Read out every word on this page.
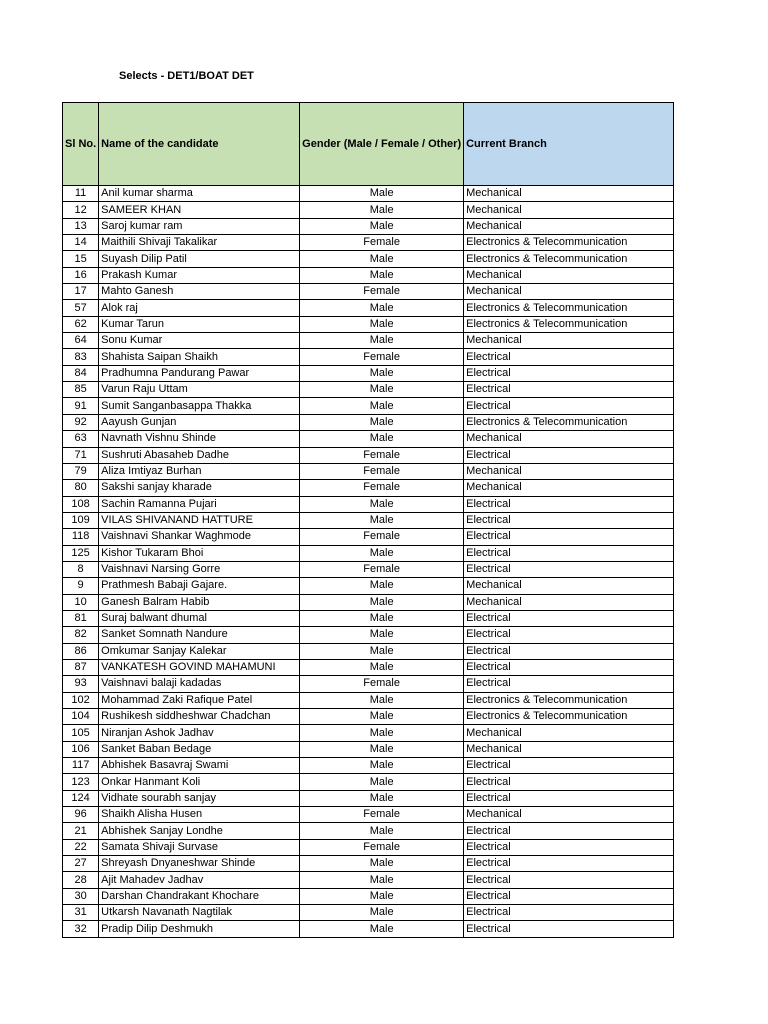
Selects - DET1/BOAT DET
Sl No.	Name of the candidate	Gender (Male / Female / Other)	Current Branch
11	Anil kumar sharma	Male	Mechanical
12	SAMEER KHAN	Male	Mechanical
13	Saroj kumar ram	Male	Mechanical
14	Maithili Shivaji Takalikar	Female	Electronics & Telecommunication
15	Suyash Dilip Patil	Male	Electronics & Telecommunication
16	Prakash Kumar	Male	Mechanical
17	Mahto Ganesh	Female	Mechanical
57	Alok raj	Male	Electronics & Telecommunication
62	Kumar Tarun	Male	Electronics & Telecommunication
64	Sonu Kumar	Male	Mechanical
83	Shahista Saipan Shaikh	Female	Electrical
84	Pradhumna Pandurang Pawar	Male	Electrical
85	Varun Raju Uttam	Male	Electrical
91	Sumit Sanganbasappa Thakka	Male	Electrical
92	Aayush Gunjan	Male	Electronics & Telecommunication
63	Navnath Vishnu Shinde	Male	Mechanical
71	Sushruti Abasaheb Dadhe	Female	Electrical
79	Aliza Imtiyaz Burhan	Female	Mechanical
80	Sakshi sanjay kharade	Female	Mechanical
108	Sachin Ramanna Pujari	Male	Electrical
109	VILAS SHIVANAND HATTURE	Male	Electrical
118	Vaishnavi Shankar Waghmode	Female	Electrical
125	Kishor Tukaram Bhoi	Male	Electrical
8	Vaishnavi Narsing Gorre	Female	Electrical
9	Prathmesh Babaji Gajare.	Male	Mechanical
10	Ganesh Balram Habib	Male	Mechanical
81	Suraj balwant dhumal	Male	Electrical
82	Sanket Somnath Nandure	Male	Electrical
86	Omkumar Sanjay Kalekar	Male	Electrical
87	VANKATESH GOVIND MAHAMUNI	Male	Electrical
93	Vaishnavi balaji kadadas	Female	Electrical
102	Mohammad Zaki Rafique Patel	Male	Electronics & Telecommunication
104	Rushikesh siddheshwar Chadchan	Male	Electronics & Telecommunication
105	Niranjan Ashok Jadhav	Male	Mechanical
106	Sanket Baban Bedage	Male	Mechanical
117	Abhishek Basavraj Swami	Male	Electrical
123	Onkar Hanmant Koli	Male	Electrical
124	Vidhate sourabh sanjay	Male	Electrical
96	Shaikh Alisha Husen	Female	Mechanical
21	Abhishek Sanjay Londhe	Male	Electrical
22	Samata Shivaji Survase	Female	Electrical
27	Shreyash Dnyaneshwar Shinde	Male	Electrical
28	Ajit Mahadev Jadhav	Male	Electrical
30	Darshan Chandrakant Khochare	Male	Electrical
31	Utkarsh Navanath Nagtilak	Male	Electrical
32	Pradip Dilip Deshmukh	Male	Electrical
